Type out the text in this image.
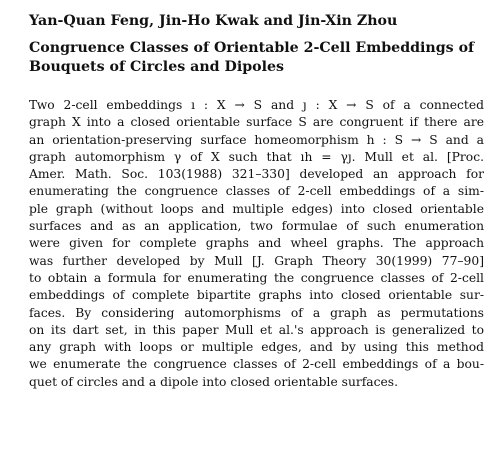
Yan-Quan Feng, Jin-Ho Kwak and Jin-Xin Zhou
Congruence Classes of Orientable 2-Cell Embeddings of
Bouquets of Circles and Dipoles
Two 2-cell embeddings ı : X → S and ȷ : X → S of a connected
graph X into a closed orientable surface S are congruent if there are
an orientation-preserving surface homeomorphism h : S → S and a
graph automorphism γ of X such that ıh = γȷ. Mull et al. [Proc.
Amer. Math. Soc. 103(1988) 321–330] developed an approach for
enumerating the congruence classes of 2-cell embeddings of a sim-
ple graph (without loops and multiple edges) into closed orientable
surfaces and as an application, two formulae of such enumeration
were given for complete graphs and wheel graphs. The approach
was further developed by Mull [J. Graph Theory 30(1999) 77–90]
to obtain a formula for enumerating the congruence classes of 2-cell
embeddings of complete bipartite graphs into closed orientable sur-
faces. By considering automorphisms of a graph as permutations
on its dart set, in this paper Mull et al.'s approach is generalized to
any graph with loops or multiple edges, and by using this method
we enumerate the congruence classes of 2-cell embeddings of a bou-
quet of circles and a dipole into closed orientable surfaces.
